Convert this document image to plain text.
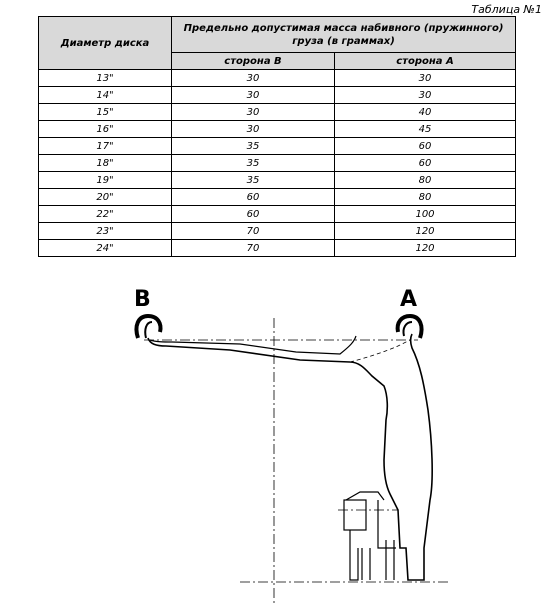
Таблица №1
Диаметр диска	Предельно допустимая масса набивного (пружинного) груза (в граммах)	
	сторона В	сторона А
13"	30	30
14"	30	30
15"	30	40
16"	30	45
17"	35	60
18"	35	60
19"	35	80
20"	60	80
22"	60	100
23"	70	120
24"	70	120
B	A
